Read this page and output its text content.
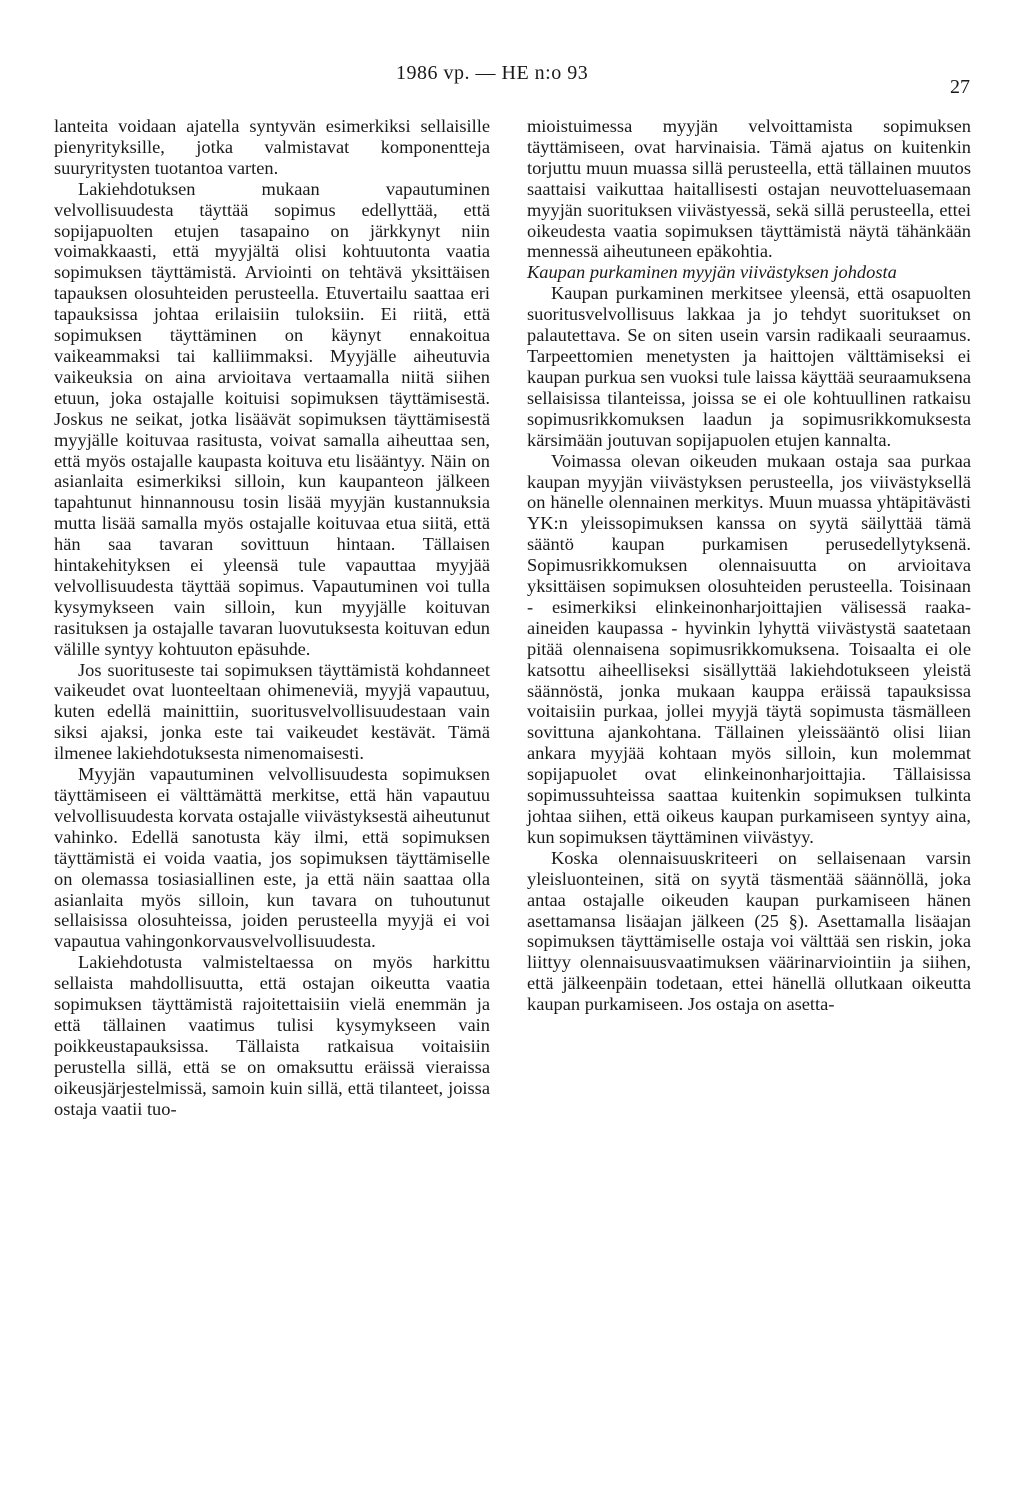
1986 vp. — HE n:o 93
27

lanteita voidaan ajatella syntyvän esimerkiksi sellaisille pienyrityksille, jotka valmistavat komponentteja suuryritysten tuotantoa varten.

Lakiehdotuksen mukaan vapautuminen velvollisuudesta täyttää sopimus edellyttää, että sopijapuolten etujen tasapaino on järkkynyt niin voimakkaasti, että myyjältä olisi kohtuutonta vaatia sopimuksen täyttämistä. Arviointi on tehtävä yksittäisen tapauksen olosuhteiden perusteella. Etuvertailu saattaa eri tapauksissa johtaa erilaisiin tuloksiin. Ei riitä, että sopimuksen täyttäminen on käynyt ennakoitua vaikeammaksi tai kalliimmaksi. Myyjälle aiheutuvia vaikeuksia on aina arvioitava vertaamalla niitä siihen etuun, joka ostajalle koituisi sopimuksen täyttämisestä. Joskus ne seikat, jotka lisäävät sopimuksen täyttämisestä myyjälle koituvaa rasitusta, voivat samalla aiheuttaa sen, että myös ostajalle kaupasta koituva etu lisääntyy. Näin on asianlaita esimerkiksi silloin, kun kaupanteon jälkeen tapahtunut hinnannousu tosin lisää myyjän kustannuksia mutta lisää samalla myös ostajalle koituvaa etua siitä, että hän saa tavaran sovittuun hintaan. Tällaisen hintakehityksen ei yleensä tule vapauttaa myyjää velvollisuudesta täyttää sopimus. Vapautuminen voi tulla kysymykseen vain silloin, kun myyjälle koituvan rasituksen ja ostajalle tavaran luovutuksesta koituvan edun välille syntyy kohtuuton epäsuhde.

Jos suorituseste tai sopimuksen täyttämistä kohdanneet vaikeudet ovat luonteeltaan ohimeneviä, myyjä vapautuu, kuten edellä mainittiin, suoritusvelvollisuudestaan vain siksi ajaksi, jonka este tai vaikeudet kestävät. Tämä ilmenee lakiehdotuksesta nimenomaisesti.

Myyjän vapautuminen velvollisuudesta sopimuksen täyttämiseen ei välttämättä merkitse, että hän vapautuu velvollisuudesta korvata ostajalle viivästyksestä aiheutunut vahinko. Edellä sanotusta käy ilmi, että sopimuksen täyttämistä ei voida vaatia, jos sopimuksen täyttämiselle on olemassa tosiasiallinen este, ja että näin saattaa olla asianlaita myös silloin, kun tavara on tuhoutunut sellaisissa olosuhteissa, joiden perusteella myyjä ei voi vapautua vahingonkorvausvelvollisuudesta.

Lakiehdotusta valmisteltaessa on myös harkittu sellaista mahdollisuutta, että ostajan oikeutta vaatia sopimuksen täyttämistä rajoitettaisiin vielä enemmän ja että tällainen vaatimus tulisi kysymykseen vain poikkeustapauksissa. Tällaista ratkaisua voitaisiin perustella sillä, että se on omaksuttu eräissä vieraissa oikeusjärjestelmissä, samoin kuin sillä, että tilanteet, joissa ostaja vaatii tuo-

mioistuimessa myyjän velvoittamista sopimuksen täyttämiseen, ovat harvinaisia. Tämä ajatus on kuitenkin torjuttu muun muassa sillä perusteella, että tällainen muutos saattaisi vaikuttaa haitallisesti ostajan neuvotteluasemaan myyjän suorituksen viivästyessä, sekä sillä perusteella, ettei oikeudesta vaatia sopimuksen täyttämistä näytä tähänkään mennessä aiheutuneen epäkohtia.

Kaupan purkaminen myyjän viivästyksen johdosta

Kaupan purkaminen merkitsee yleensä, että osapuolten suoritusvelvollisuus lakkaa ja jo tehdyt suoritukset on palautettava. Se on siten usein varsin radikaali seuraamus. Tarpeettomien menetysten ja haittojen välttämiseksi ei kaupan purkua sen vuoksi tule laissa käyttää seuraamuksena sellaisissa tilanteissa, joissa se ei ole kohtuullinen ratkaisu sopimusrikkomuksen laadun ja sopimusrikkomuksesta kärsimään joutuvan sopijapuolen etujen kannalta.

Voimassa olevan oikeuden mukaan ostaja saa purkaa kaupan myyjän viivästyksen perusteella, jos viivästyksellä on hänelle olennainen merkitys. Muun muassa yhtäpitävästi YK:n yleissopimuksen kanssa on syytä säilyttää tämä sääntö kaupan purkamisen perusedellytyksenä. Sopimusrikkomuksen olennaisuutta on arvioitava yksittäisen sopimuksen olosuhteiden perusteella. Toisinaan - esimerkiksi elinkeinonharjoittajien välisessä raaka-aineiden kaupassa - hyvinkin lyhyttä viivästystä saatetaan pitää olennaisena sopimusrikkomuksena. Toisaalta ei ole katsottu aiheelliseksi sisällyttää lakiehdotukseen yleistä säännöstä, jonka mukaan kauppa eräissä tapauksissa voitaisiin purkaa, jollei myyjä täytä sopimusta täsmälleen sovittuna ajankohtana. Tällainen yleissääntö olisi liian ankara myyjää kohtaan myös silloin, kun molemmat sopijapuolet ovat elinkeinonharjoittajia. Tällaisissa sopimussuhteissa saattaa kuitenkin sopimuksen tulkinta johtaa siihen, että oikeus kaupan purkamiseen syntyy aina, kun sopimuksen täyttäminen viivästyy.

Koska olennaisuuskriteeri on sellaisenaan varsin yleisluonteinen, sitä on syytä täsmentää säännöllä, joka antaa ostajalle oikeuden kaupan purkamiseen hänen asettamansa lisäajan jälkeen (25 §). Asettamalla lisäajan sopimuksen täyttämiselle ostaja voi välttää sen riskin, joka liittyy olennaisuusvaatimuksen väärinarviointiin ja siihen, että jälkeenpäin todetaan, ettei hänellä ollutkaan oikeutta kaupan purkamiseen. Jos ostaja on asetta-
